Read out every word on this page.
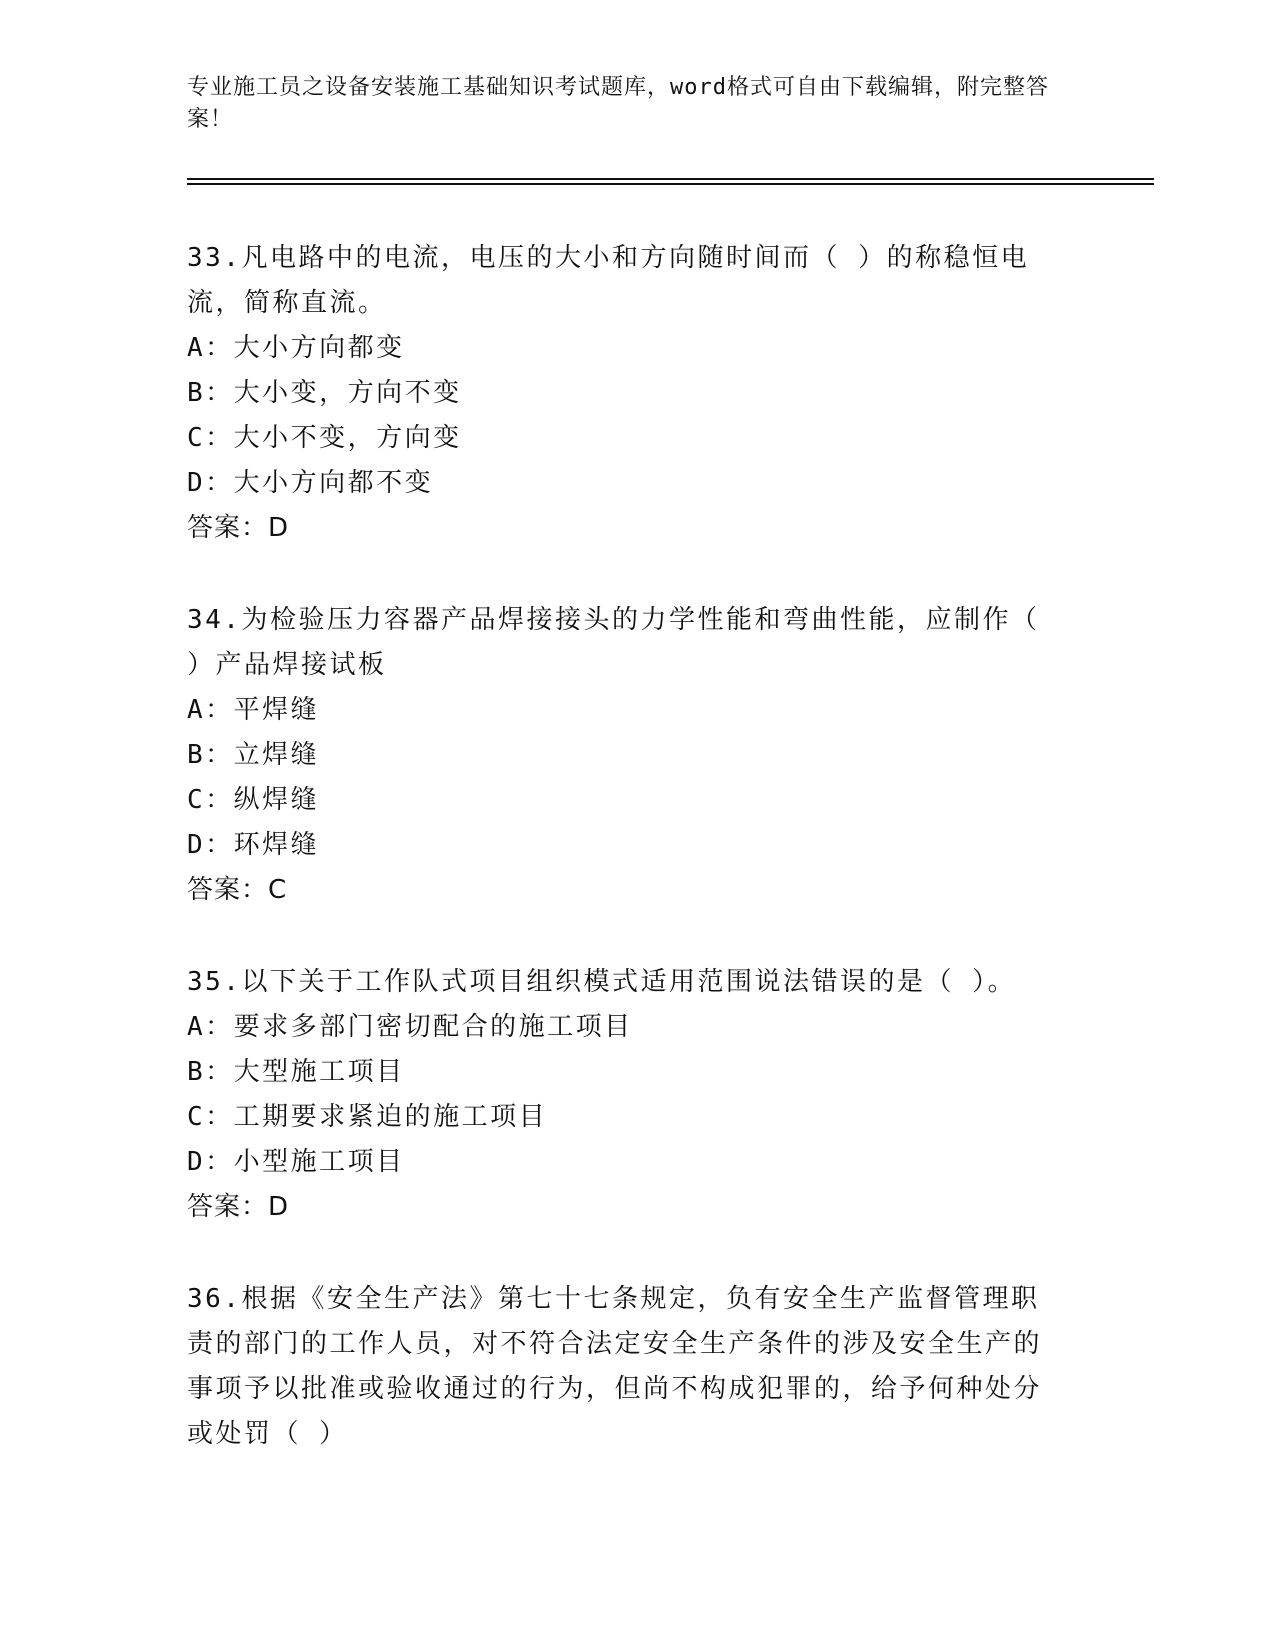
专业施工员之设备安装施工基础知识考试题库，word格式可自由下载编辑，附完整答案！
33.凡电路中的电流，电压的大小和方向随时间而（ ）的称稳恒电流，简称直流。
A：大小方向都变
B：大小变，方向不变
C：大小不变，方向变
D：大小方向都不变
答案：D
34.为检验压力容器产品焊接接头的力学性能和弯曲性能，应制作（ ）产品焊接试板
A：平焊缝
B：立焊缝
C：纵焊缝
D：环焊缝
答案：C
35.以下关于工作队式项目组织模式适用范围说法错误的是（ ）。
A：要求多部门密切配合的施工项目
B：大型施工项目
C：工期要求紧迫的施工项目
D：小型施工项目
答案：D
36.根据《安全生产法》第七十七条规定，负有安全生产监督管理职责的部门的工作人员，对不符合法定安全生产条件的涉及安全生产的事项予以批准或验收通过的行为，但尚不构成犯罪的，给予何种处分或处罚（ ）
